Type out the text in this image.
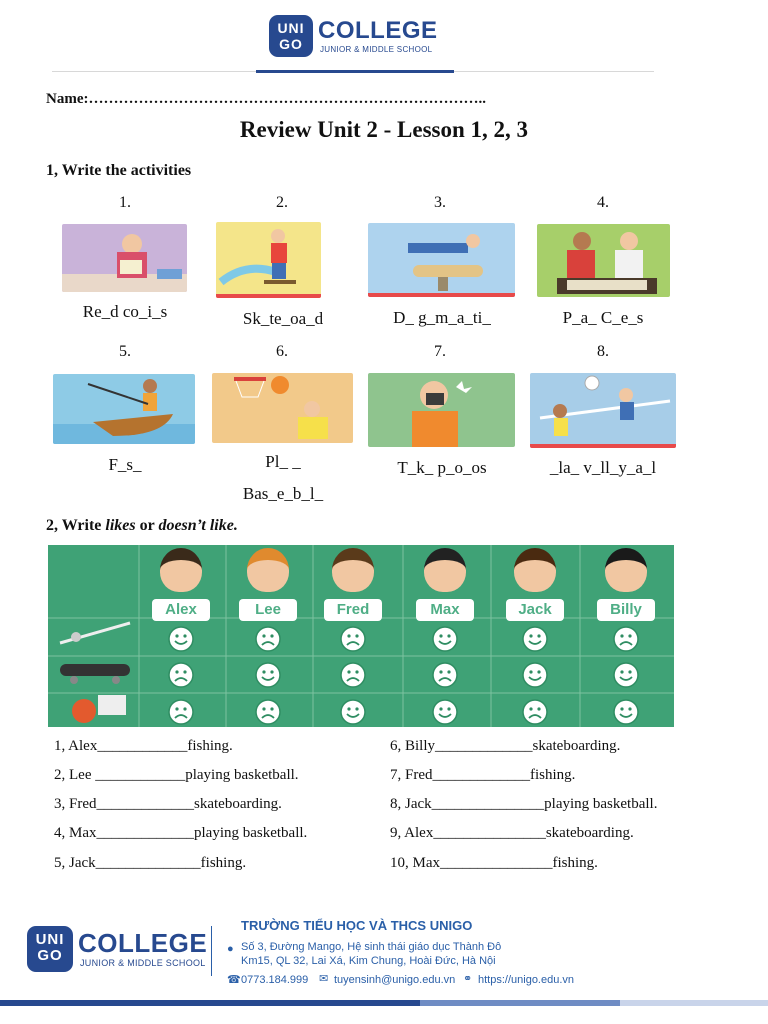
UNI
GO COLLEGE
JUNIOR & MIDDLE SCHOOL
Name:……………………………………………………………………..
Review Unit 2 - Lesson 1, 2, 3
1, Write the activities
1.	2.	3.	4.
Re_d co_i_s	Sk_te_oa_d	D_ g_m_a_ti_	P_a_ C_e_s
5.	6.	7.	8.
F_s_	Pl_ _
Bas_e_b_l_
T_k_ p_o_os	_la_ v_ll_y_a_l
2, Write likes or doesn’t like.
Alex	Lee	Fred	Max	Jack	Billy
1, Alex____________fishing.
2, Lee ____________playing basketball.
3, Fred_____________skateboarding.
4, Max_____________playing basketball.
5, Jack______________fishing.
6, Billy_____________skateboarding.
7, Fred_____________fishing.
8, Jack_______________playing basketball.
9, Alex_______________skateboarding.
10, Max_______________fishing.
UNI
GO COLLEGE
JUNIOR & MIDDLE SCHOOL
TRƯỜNG TIỂU HỌC VÀ THCS UNIGO
● Số 3, Đường Mango, Hệ sinh thái giáo dục Thành Đô
Km15, QL 32, Lai Xá, Kim Chung, Hoài Đức, Hà Nội
☎ 0773.184.999 ✉ tuyensinh@unigo.edu.vn ⚭ https://unigo.edu.vn
